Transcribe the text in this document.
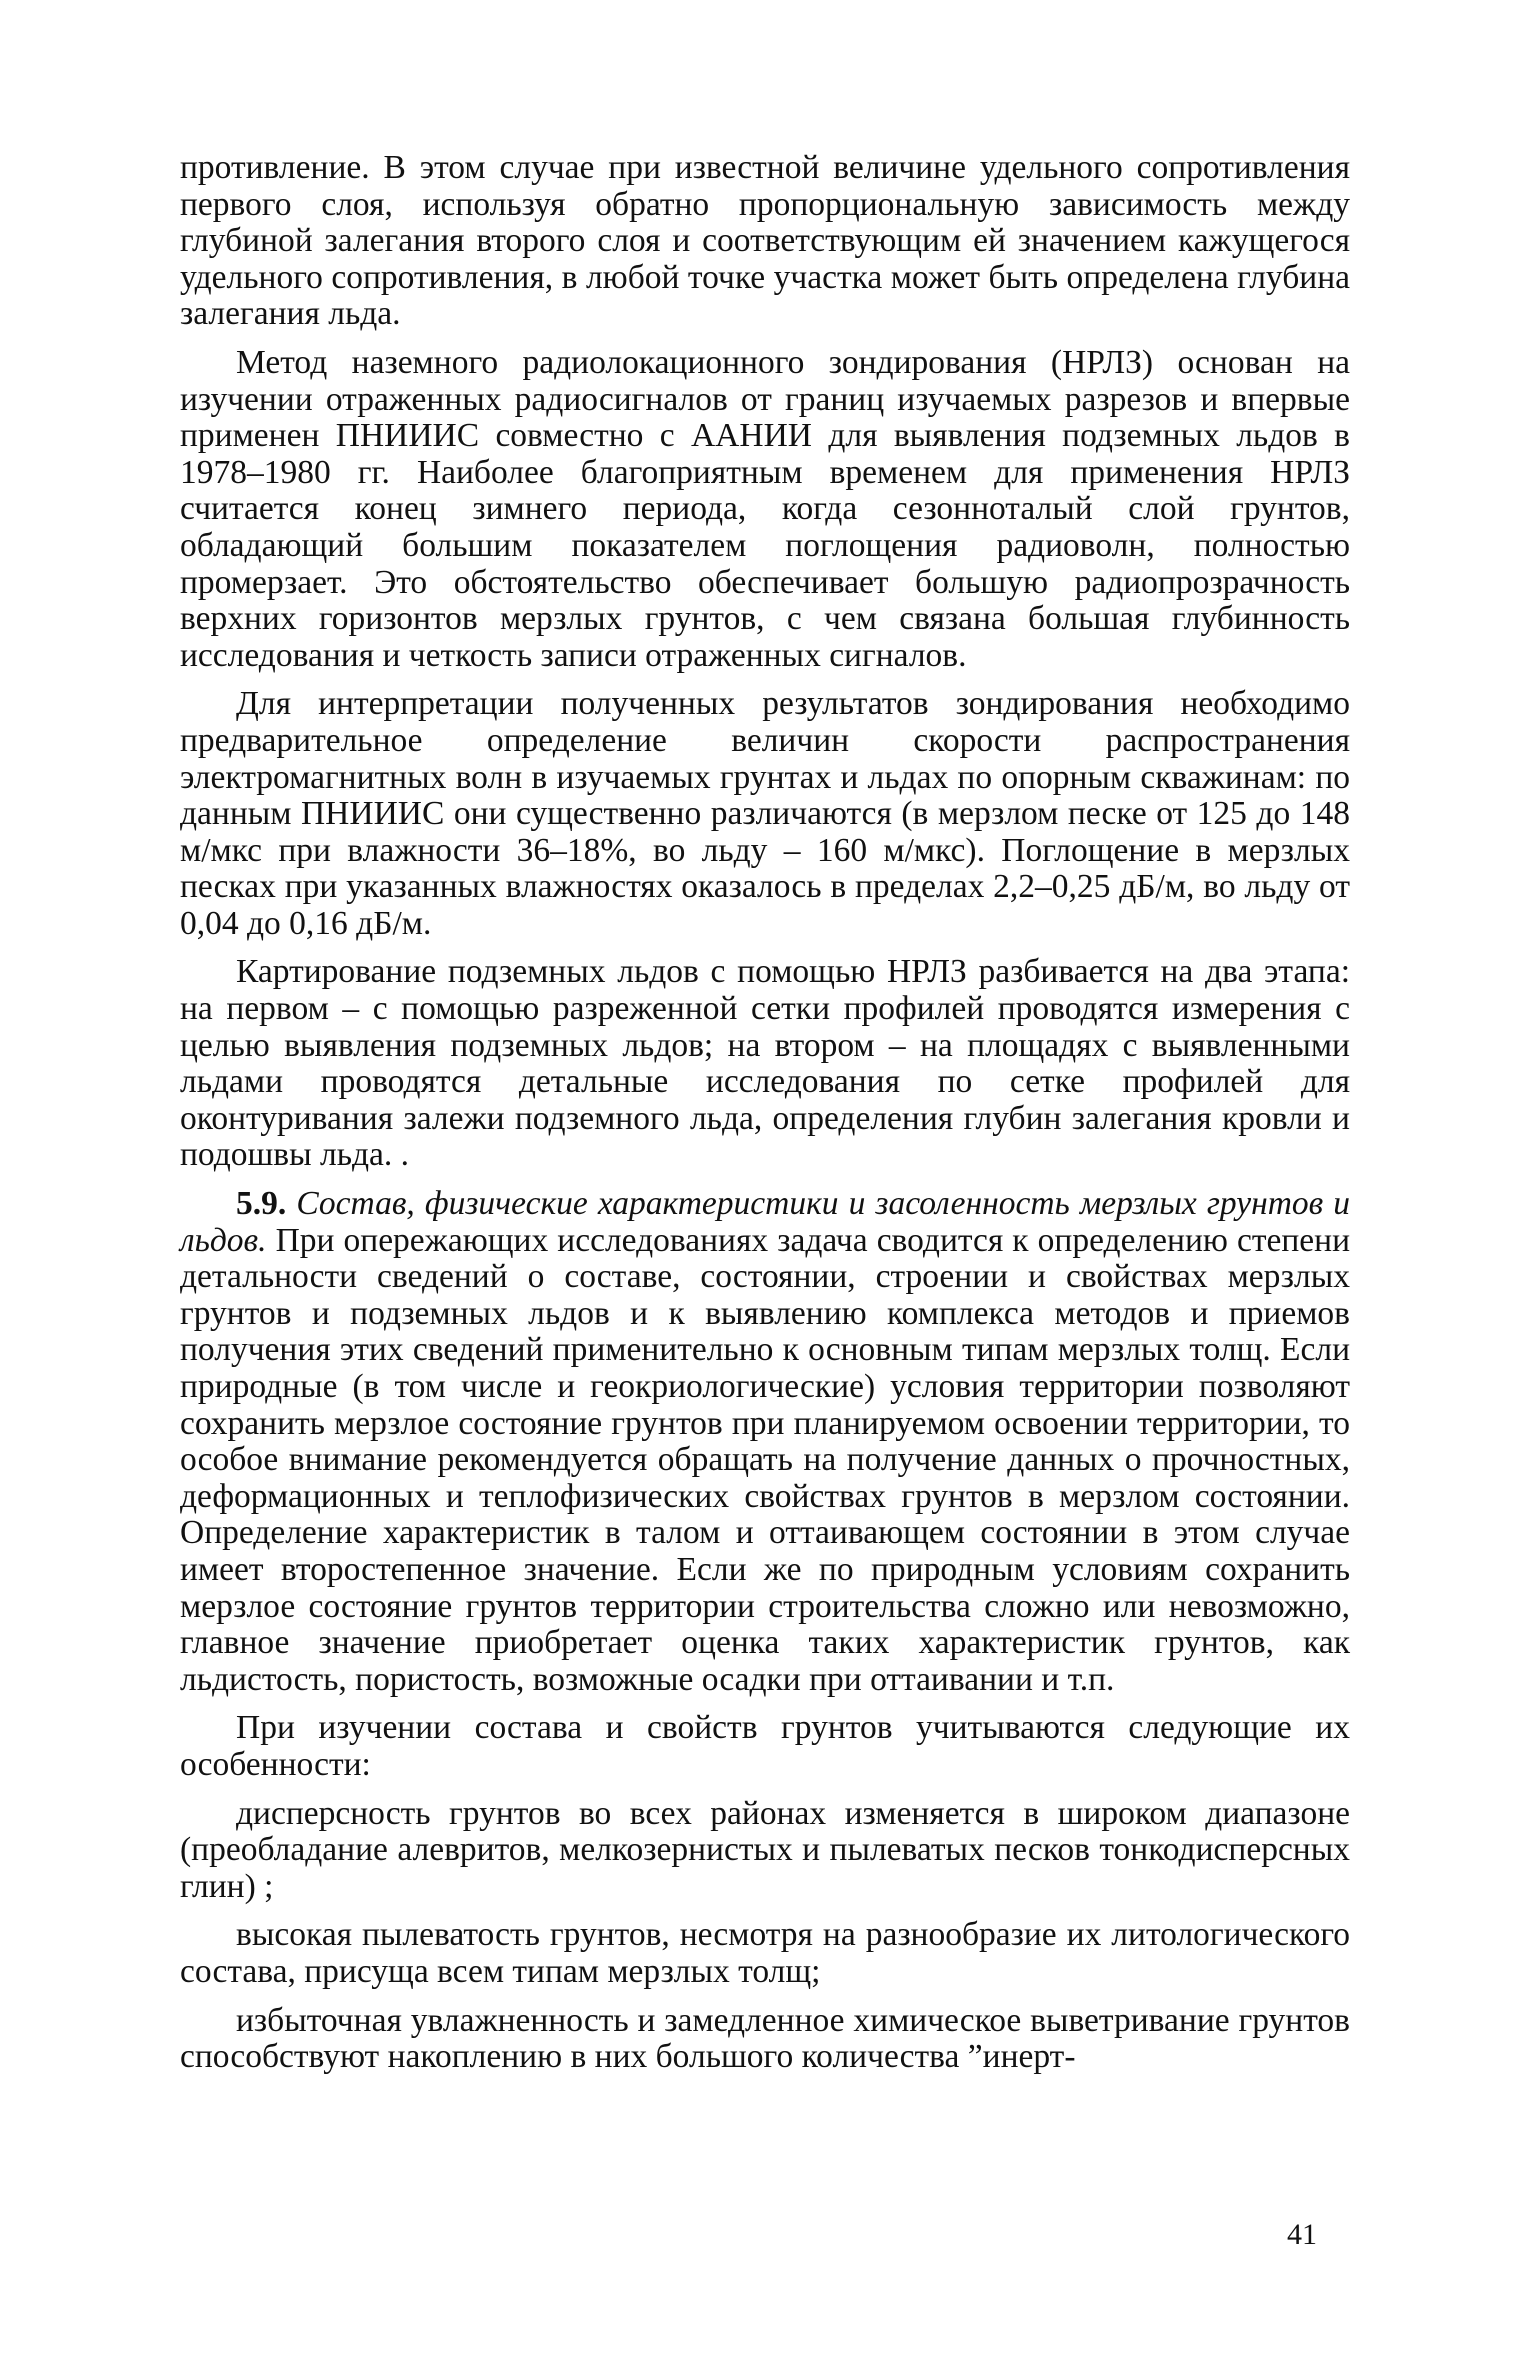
противление. В этом случае при известной величине удельного сопротивления первого слоя, используя обратно пропорциональную зависимость между глубиной залегания второго слоя и соответствующим ей значением кажущегося удельного сопротивления, в любой точке участка может быть определена глубина залегания льда.

Метод наземного радиолокационного зондирования (НРЛЗ) основан на изучении отраженных радиосигналов от границ изучаемых разрезов и впервые применен ПНИИИС совместно с ААНИИ для выявления подземных льдов в 1978–1980 гг. Наиболее благоприятным временем для применения НРЛЗ считается конец зимнего периода, когда сезонноталый слой грунтов, обладающий большим показателем поглощения радиоволн, полностью промерзает. Это обстоятельство обеспечивает большую радиопрозрачность верхних горизонтов мерзлых грунтов, с чем связана большая глубинность исследования и четкость записи отраженных сигналов.

Для интерпретации полученных результатов зондирования необходимо предварительное определение величин скорости распространения электромагнитных волн в изучаемых грунтах и льдах по опорным скважинам: по данным ПНИИИС они существенно различаются (в мерзлом песке от 125 до 148 м/мкс при влажности 36–18%, во льду – 160 м/мкс). Поглощение в мерзлых песках при указанных влажностях оказалось в пределах 2,2–0,25 дБ/м, во льду от 0,04 до 0,16 дБ/м.

Картирование подземных льдов с помощью НРЛЗ разбивается на два этапа: на первом – с помощью разреженной сетки профилей проводятся измерения с целью выявления подземных льдов; на втором – на площадях с выявленными льдами проводятся детальные исследования по сетке профилей для оконтуривания залежи подземного льда, определения глубин залегания кровли и подошвы льда. .

5.9. Состав, физические характеристики и засоленность мерзлых грунтов и льдов. При опережающих исследованиях задача сводится к определению степени детальности сведений о составе, состоянии, строении и свойствах мерзлых грунтов и подземных льдов и к выявлению комплекса методов и приемов получения этих сведений применительно к основным типам мерзлых толщ. Если природные (в том числе и геокриологические) условия территории позволяют сохранить мерзлое состояние грунтов при планируемом освоении территории, то особое внимание рекомендуется обращать на получение данных о прочностных, деформационных и теплофизических свойствах грунтов в мерзлом состоянии. Определение характеристик в талом и оттаивающем состоянии в этом случае имеет второстепенное значение. Если же по природным условиям сохранить мерзлое состояние грунтов территории строительства сложно или невозможно, главное значение приобретает оценка таких характеристик грунтов, как льдистость, пористость, возможные осадки при оттаивании и т.п.

При изучении состава и свойств грунтов учитываются следующие их особенности:

дисперсность грунтов во всех районах изменяется в широком диапазоне (преобладание алевритов, мелкозернистых и пылеватых песков тонкодисперсных глин) ;

высокая пылеватость грунтов, несмотря на разнообразие их литологического состава, присуща всем типам мерзлых толщ;

избыточная увлажненность и замедленное химическое выветривание грунтов способствуют накоплению в них большого количества ”инерт-

41
